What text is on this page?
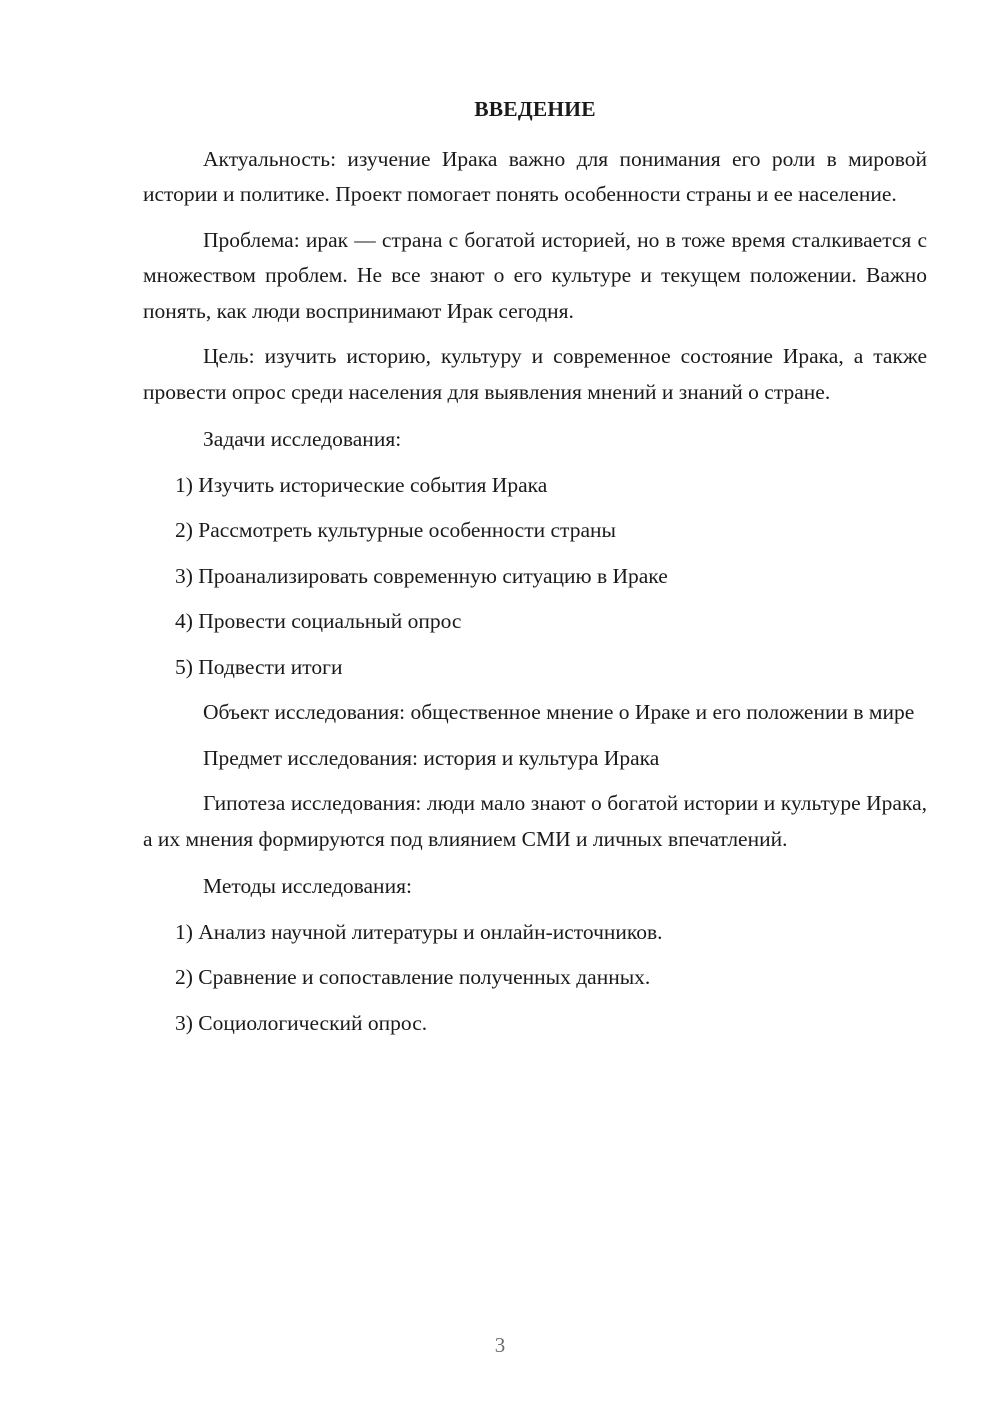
ВВЕДЕНИЕ

Актуальность: изучение Ирака важно для понимания его роли в мировой истории и политике. Проект помогает понять особенности страны и ее население.

Проблема: ирак — страна с богатой историей, но в тоже время сталкивается с множеством проблем. Не все знают о его культуре и текущем положении. Важно понять, как люди воспринимают Ирак сегодня.

Цель: изучить историю, культуру и современное состояние Ирака, а также провести опрос среди населения для выявления мнений и знаний о стране.

Задачи исследования:

1) Изучить исторические события Ирака

2) Рассмотреть культурные особенности страны

3) Проанализировать современную ситуацию в Ираке

4) Провести социальный опрос

5) Подвести итоги

Объект исследования: общественное мнение о Ираке и его положении в мире

Предмет исследования: история и культура Ирака

Гипотеза исследования: люди мало знают о богатой истории и культуре Ирака, а их мнения формируются под влиянием СМИ и личных впечатлений.

Методы исследования:

1) Анализ научной литературы и онлайн-источников.

2) Сравнение и сопоставление полученных данных.

3) Социологический опрос.

3
